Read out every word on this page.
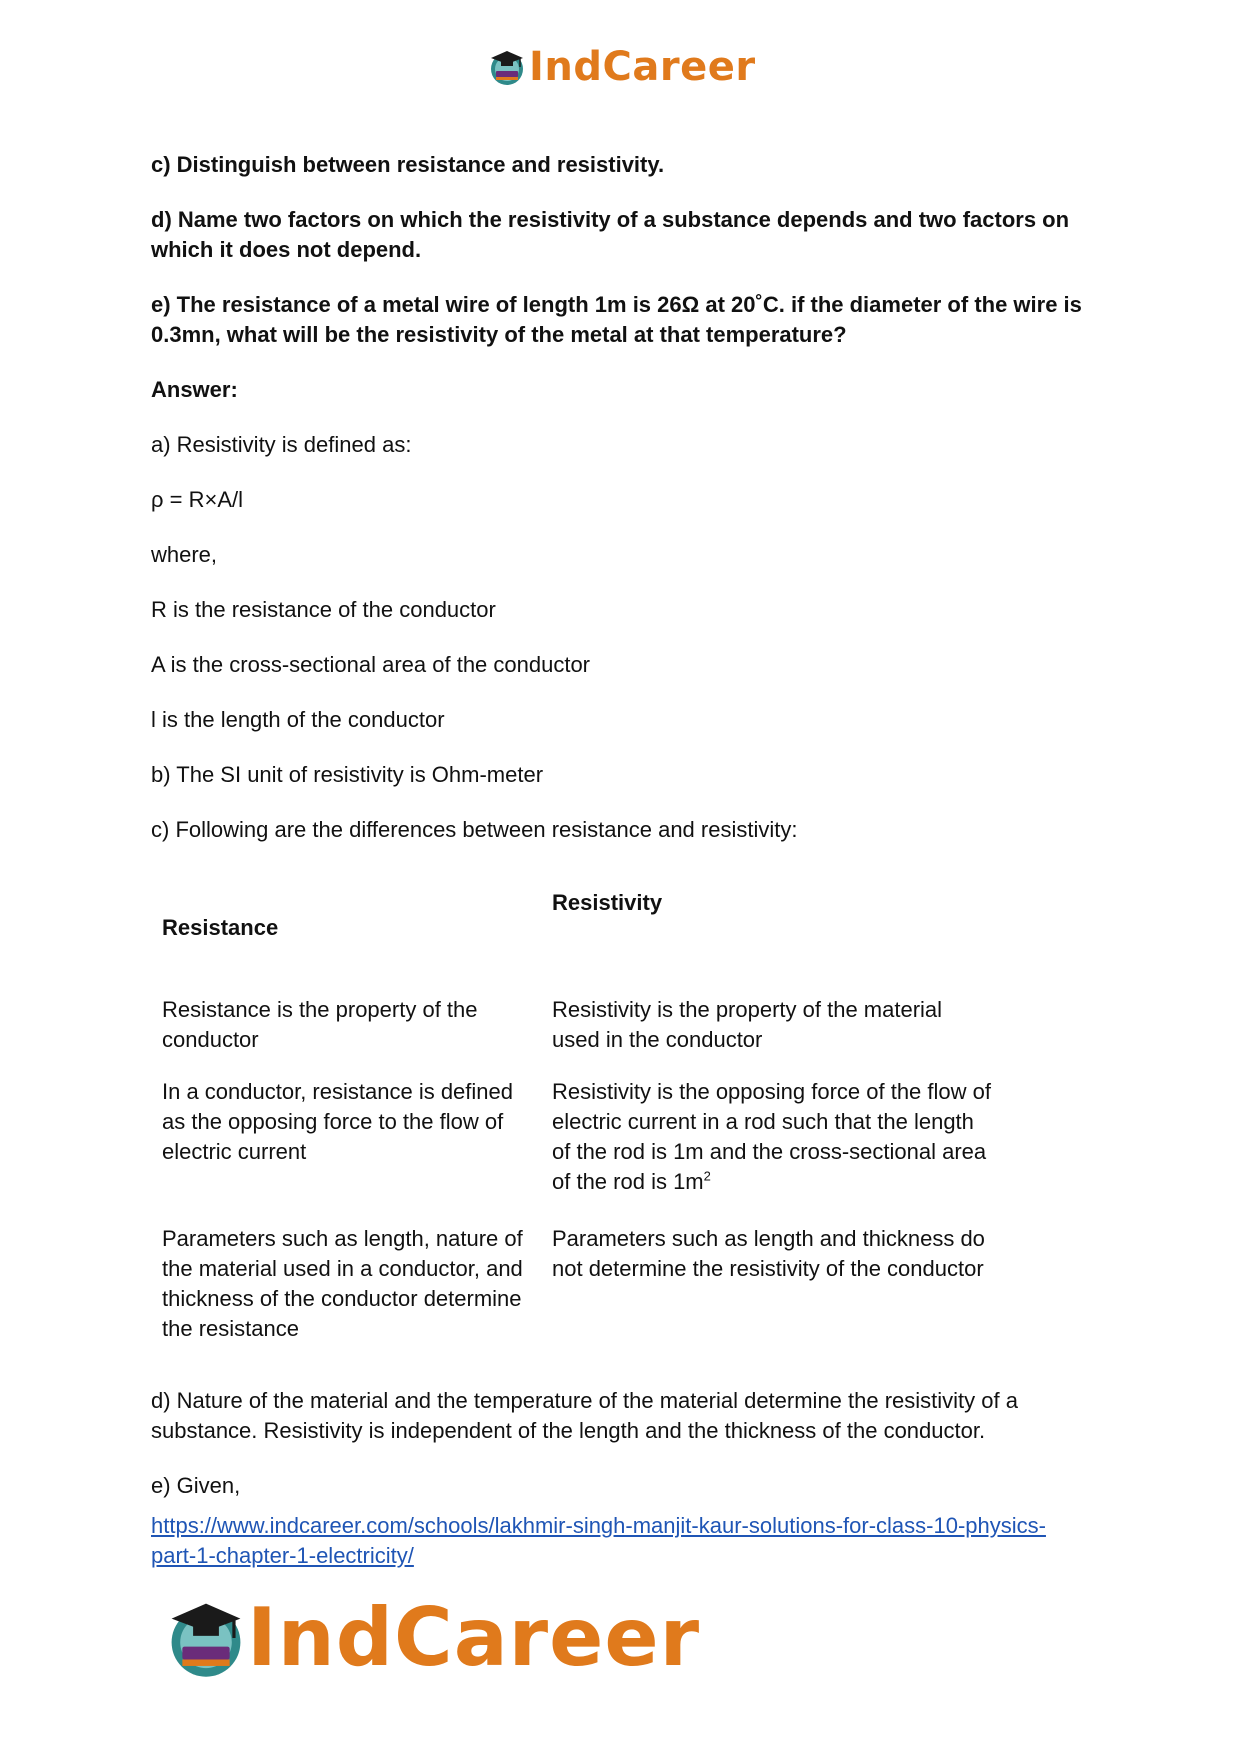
IndCareer

c) Distinguish between resistance and resistivity.

d) Name two factors on which the resistivity of a substance depends and two factors on which it does not depend.

e) The resistance of a metal wire of length 1m is 26Ω at 20˚C. if the diameter of the wire is 0.3mn, what will be the resistivity of the metal at that temperature?

Answer:

a) Resistivity is defined as:

ρ = R×A/l

where,

R is the resistance of the conductor

A is the cross-sectional area of the conductor

l is the length of the conductor

b) The SI unit of resistivity is Ohm-meter

c) Following are the differences between resistance and resistivity:

Resistance
Resistivity
Resistance is the property of the conductor
Resistivity is the property of the material used in the conductor
In a conductor, resistance is defined as the opposing force to the flow of electric current
Resistivity is the opposing force of the flow of electric current in a rod such that the length of the rod is 1m and the cross-sectional area of the rod is $1m^2$
Parameters such as length, nature of the material used in a conductor, and thickness of the conductor determine the resistance
Parameters such as length and thickness do not determine the resistivity of the conductor

d) Nature of the material and the temperature of the material determine the resistivity of a substance. Resistivity is independent of the length and the thickness of the conductor.

e) Given,

https://www.indcareer.com/schools/lakhmir-singh-manjit-kaur-solutions-for-class-10-physics-part-1-chapter-1-electricity/
IndCareer
